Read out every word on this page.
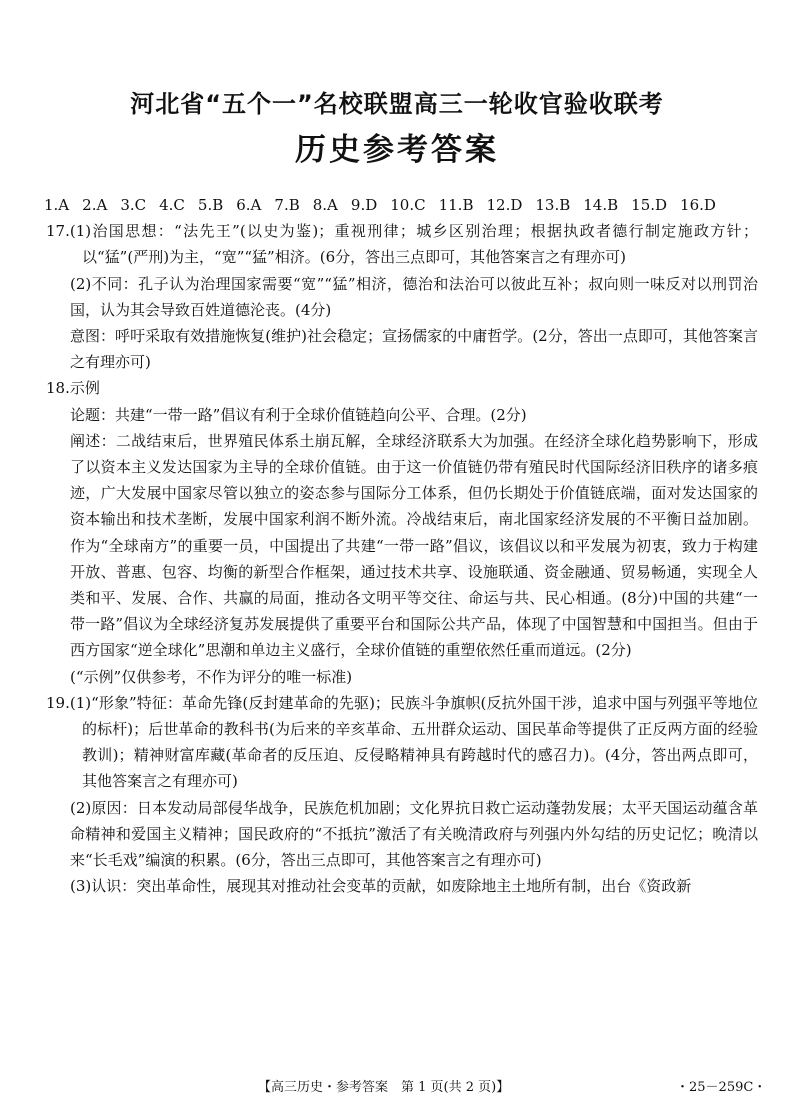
河北省“五个一”名校联盟高三一轮收官验收联考
历史参考答案
1.A 2.A 3.C 4.C 5.B 6.A 7.B 8.A 9.D 10.C 11.B 12.D 13.B 14.B 15.D 16.D

17.(1)治国思想：“法先王”(以史为鉴)；重视刑律；城乡区别治理；根据执政者德行制定施政方针；以“猛”(严刑)为主，“宽”“猛”相济。(6分，答出三点即可，其他答案言之有理亦可)

(2)不同：孔子认为治理国家需要“宽”“猛”相济，德治和法治可以彼此互补；叔向则一味反对以刑罚治国，认为其会导致百姓道德沦丧。(4分)

意图：呼吁采取有效措施恢复(维护)社会稳定；宣扬儒家的中庸哲学。(2分，答出一点即可，其他答案言之有理亦可)

18.示例

论题：共建“一带一路”倡议有利于全球价值链趋向公平、合理。(2分)

阐述：二战结束后，世界殖民体系土崩瓦解，全球经济联系大为加强。在经济全球化趋势影响下，形成了以资本主义发达国家为主导的全球价值链。由于这一价值链仍带有殖民时代国际经济旧秩序的诸多痕迹，广大发展中国家尽管以独立的姿态参与国际分工体系，但仍长期处于价值链底端，面对发达国家的资本输出和技术垄断，发展中国家利润不断外流。冷战结束后，南北国家经济发展的不平衡日益加剧。作为“全球南方”的重要一员，中国提出了共建“一带一路”倡议，该倡议以和平发展为初衷，致力于构建开放、普惠、包容、均衡的新型合作框架，通过技术共享、设施联通、资金融通、贸易畅通，实现全人类和平、发展、合作、共赢的局面，推动各文明平等交往、命运与共、民心相通。(8分)中国的共建“一带一路”倡议为全球经济复苏发展提供了重要平台和国际公共产品，体现了中国智慧和中国担当。但由于西方国家“逆全球化”思潮和单边主义盛行，全球价值链的重塑依然任重而道远。(2分)

(“示例”仅供参考，不作为评分的唯一标准)

19.(1)“形象”特征：革命先锋(反封建革命的先驱)；民族斗争旗帜(反抗外国干涉，追求中国与列强平等地位的标杆)；后世革命的教科书(为后来的辛亥革命、五卅群众运动、国民革命等提供了正反两方面的经验教训)；精神财富库藏(革命者的反压迫、反侵略精神具有跨越时代的感召力)。(4分，答出两点即可，其他答案言之有理亦可)

(2)原因：日本发动局部侵华战争，民族危机加剧；文化界抗日救亡运动蓬勃发展；太平天国运动蕴含革命精神和爱国主义精神；国民政府的“不抵抗”激活了有关晚清政府与列强内外勾结的历史记忆；晚清以来“长毛戏”编演的积累。(6分，答出三点即可，其他答案言之有理亦可)

(3)认识：突出革命性，展现其对推动社会变革的贡献，如废除地主土地所有制，出台《资政新

【高三历史・参考答案　第 1 页(共 2 页)】	・25－259C・
